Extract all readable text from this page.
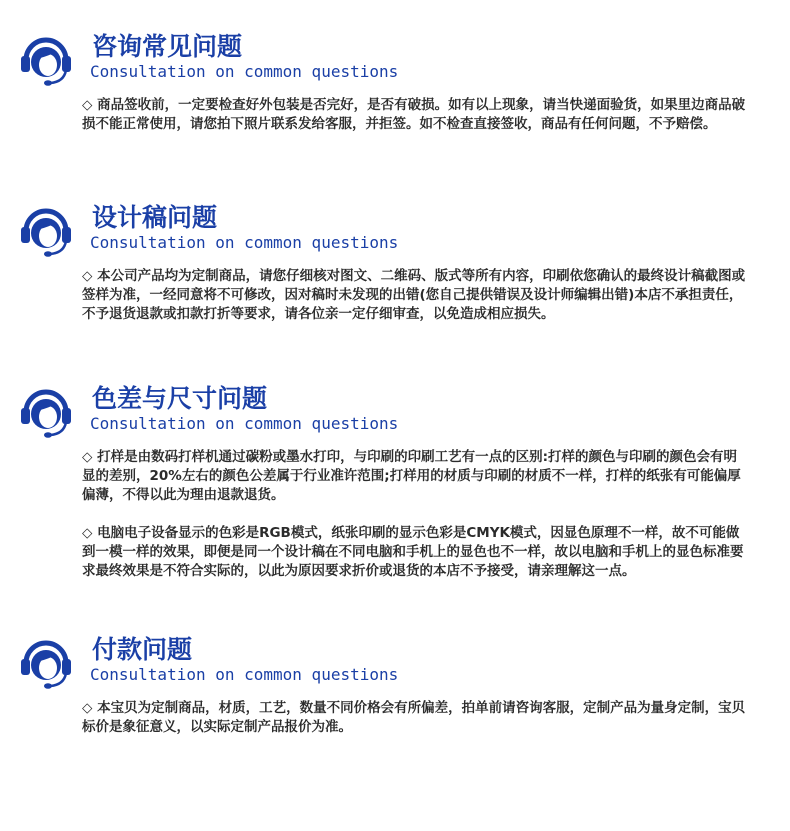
咨询常见问题
Consultation on common questions

◇ 商品签收前，一定要检查好外包装是否完好，是否有破损。如有以上现象，请当快递面验货，如果里边商品破损不能正常使用，请您拍下照片联系发给客服，并拒签。如不检查直接签收，商品有任何问题，不予赔偿。

设计稿问题
Consultation on common questions

◇ 本公司产品均为定制商品，请您仔细核对图文、二维码、版式等所有内容，印刷依您确认的最终设计稿截图或签样为准，一经同意将不可修改，因对稿时未发现的出错(您自己提供错误及设计师编辑出错)本店不承担责任，不予退货退款或扣款打折等要求，请各位亲一定仔细审查，以免造成相应损失。

色差与尺寸问题
Consultation on common questions

◇ 打样是由数码打样机通过碳粉或墨水打印，与印刷的印刷工艺有一点的区别:打样的颜色与印刷的颜色会有明显的差别，20%左右的颜色公差属于行业准许范围;打样用的材质与印刷的材质不一样，打样的纸张有可能偏厚偏薄，不得以此为理由退款退货。

◇ 电脑电子设备显示的色彩是RGB模式，纸张印刷的显示色彩是CMYK模式，因显色原理不一样，故不可能做到一模一样的效果，即便是同一个设计稿在不同电脑和手机上的显色也不一样，故以电脑和手机上的显色标准要求最终效果是不符合实际的，以此为原因要求折价或退货的本店不予接受，请亲理解这一点。

付款问题
Consultation on common questions

◇ 本宝贝为定制商品，材质，工艺，数量不同价格会有所偏差，拍单前请咨询客服，定制产品为量身定制，宝贝标价是象征意义，以实际定制产品报价为准。
